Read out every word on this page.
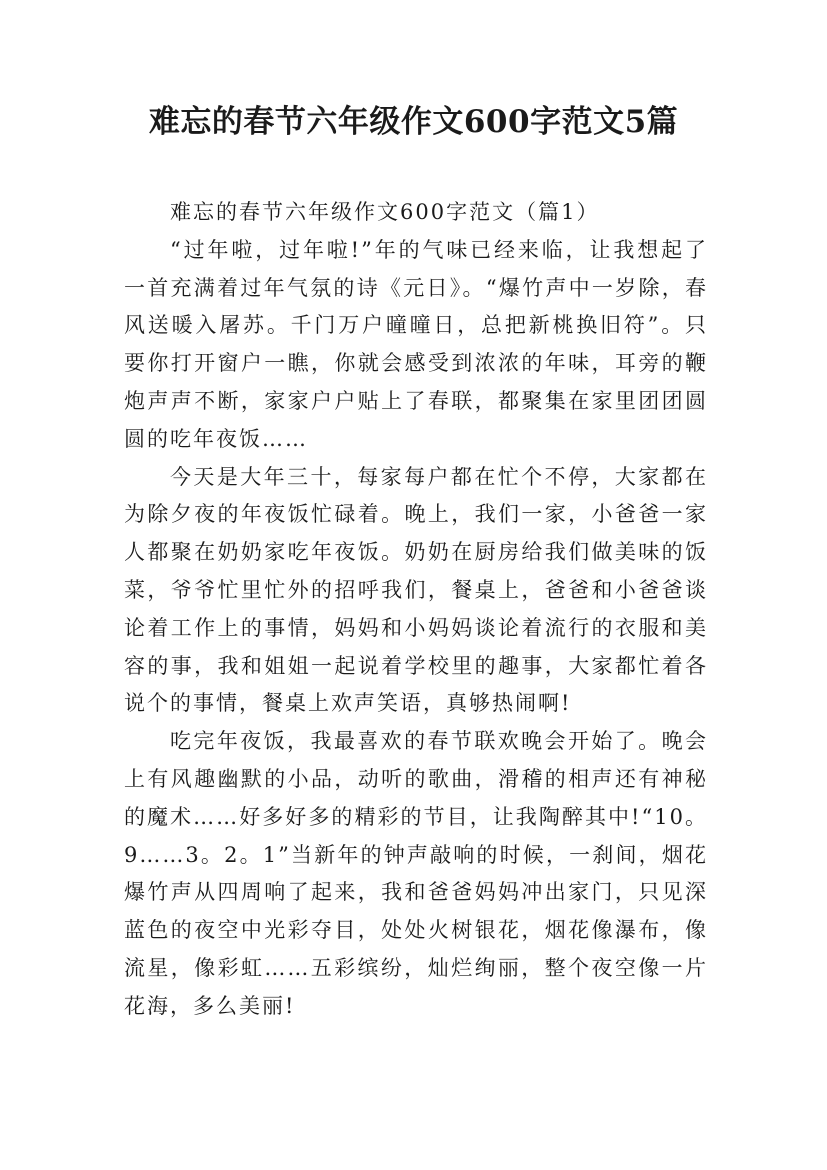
难忘的春节六年级作文600字范文5篇

难忘的春节六年级作文600字范文（篇1）

“过年啦，过年啦!”年的气味已经来临，让我想起了一首充满着过年气氛的诗《元日》。“爆竹声中一岁除，春风送暖入屠苏。千门万户曈曈日，总把新桃换旧符”。只要你打开窗户一瞧，你就会感受到浓浓的年味，耳旁的鞭炮声声不断，家家户户贴上了春联，都聚集在家里团团圆圆的吃年夜饭……

今天是大年三十，每家每户都在忙个不停，大家都在为除夕夜的年夜饭忙碌着。晚上，我们一家，小爸爸一家人都聚在奶奶家吃年夜饭。奶奶在厨房给我们做美味的饭菜，爷爷忙里忙外的招呼我们，餐桌上，爸爸和小爸爸谈论着工作上的事情，妈妈和小妈妈谈论着流行的衣服和美容的事，我和姐姐一起说着学校里的趣事，大家都忙着各说个的事情，餐桌上欢声笑语，真够热闹啊!

吃完年夜饭，我最喜欢的春节联欢晚会开始了。晚会上有风趣幽默的小品，动听的歌曲，滑稽的相声还有神秘的魔术……好多好多的精彩的节目，让我陶醉其中!“10。9……3。2。1”当新年的钟声敲响的时候，一刹间，烟花爆竹声从四周响了起来，我和爸爸妈妈冲出家门，只见深蓝色的夜空中光彩夺目，处处火树银花，烟花像瀑布，像流星，像彩虹……五彩缤纷，灿烂绚丽，整个夜空像一片花海，多么美丽!
